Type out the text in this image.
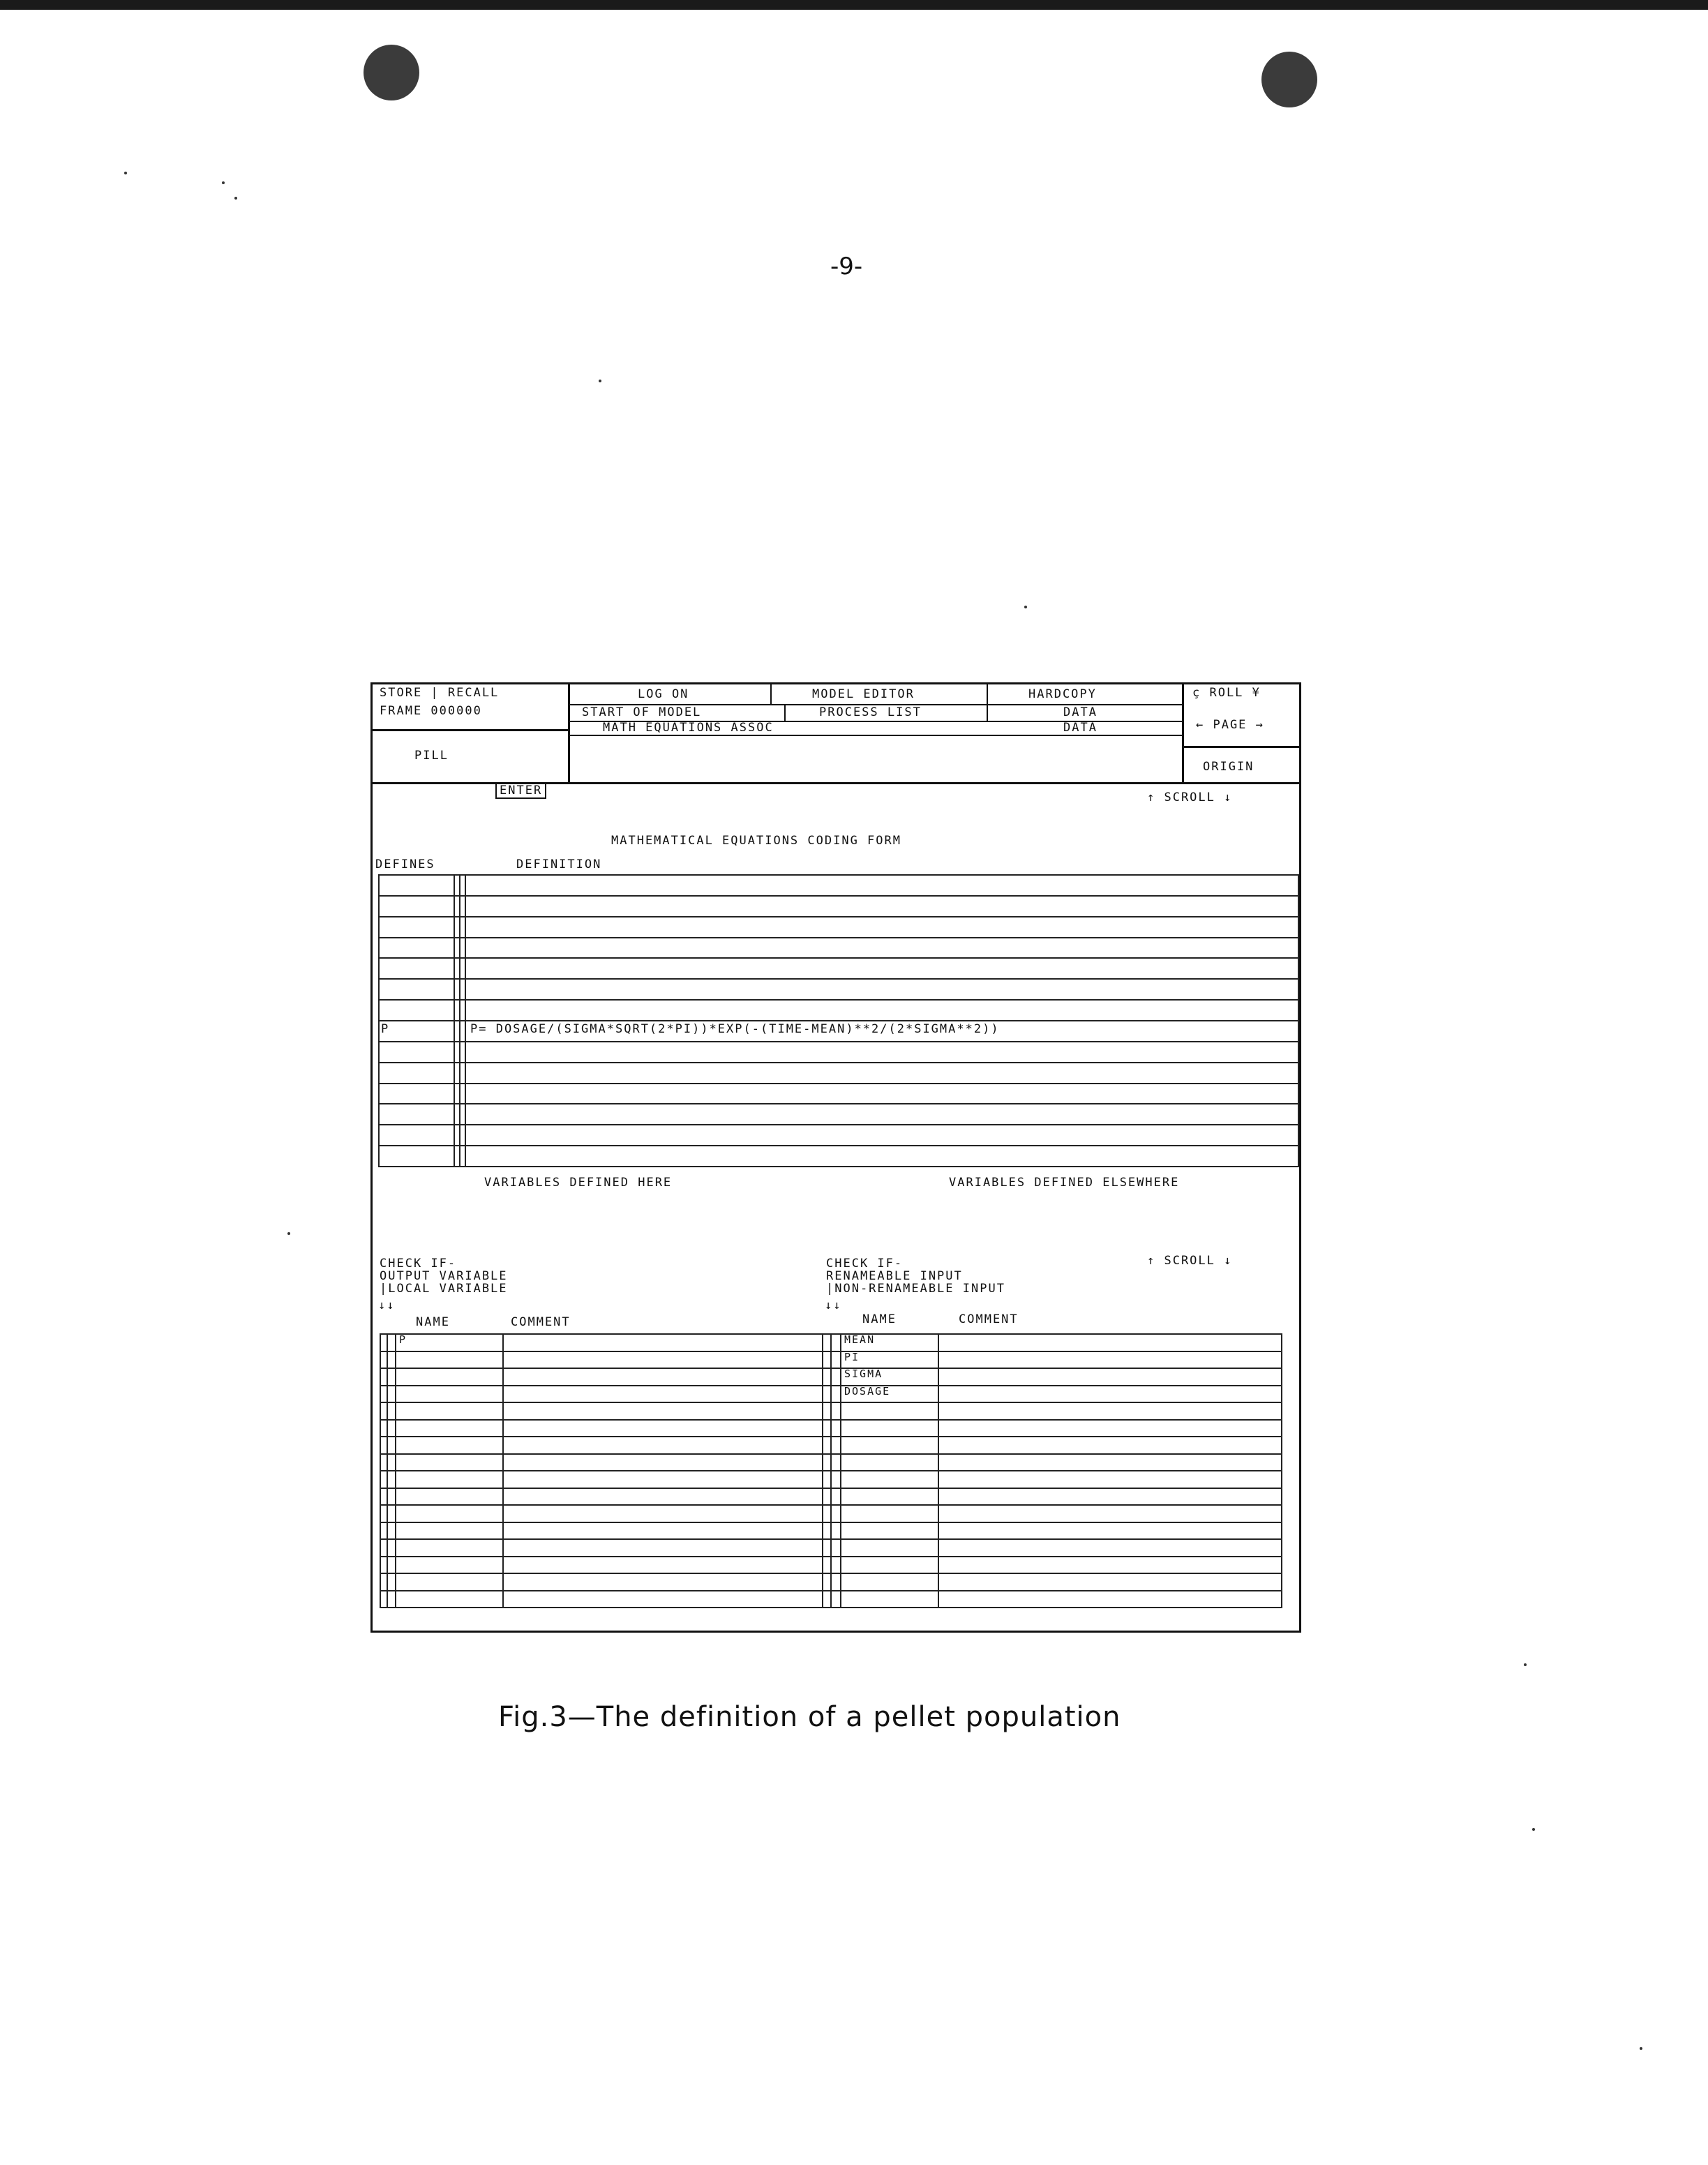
-9-
STORE | RECALL
FRAME 000000
PILL
LOG ON	MODEL EDITOR	HARDCOPY	ç ROLL ¥
START OF MODEL	PROCESS LIST	DATA
← PAGE →
MATH EQUATIONS ASSOC	DATA
ORIGIN
ENTER	↑ SCROLL ↓
MATHEMATICAL EQUATIONS CODING FORM
DEFINES	DEFINITION
P	P= DOSAGE/(SIGMA*SQRT(2*PI))*EXP(-(TIME-MEAN)**2/(2*SIGMA**2))
VARIABLES DEFINED HERE	VARIABLES DEFINED ELSEWHERE
CHECK IF-
OUTPUT VARIABLE
|LOCAL VARIABLE
↓↓
NAME	COMMENT
CHECK IF-
RENAMEABLE INPUT
|NON-RENAMEABLE INPUT
↓↓
↑ SCROLL ↓
NAME	COMMENT
P	MEAN
PI
SIGMA
DOSAGE
Fig.3—The definition of a pellet population
